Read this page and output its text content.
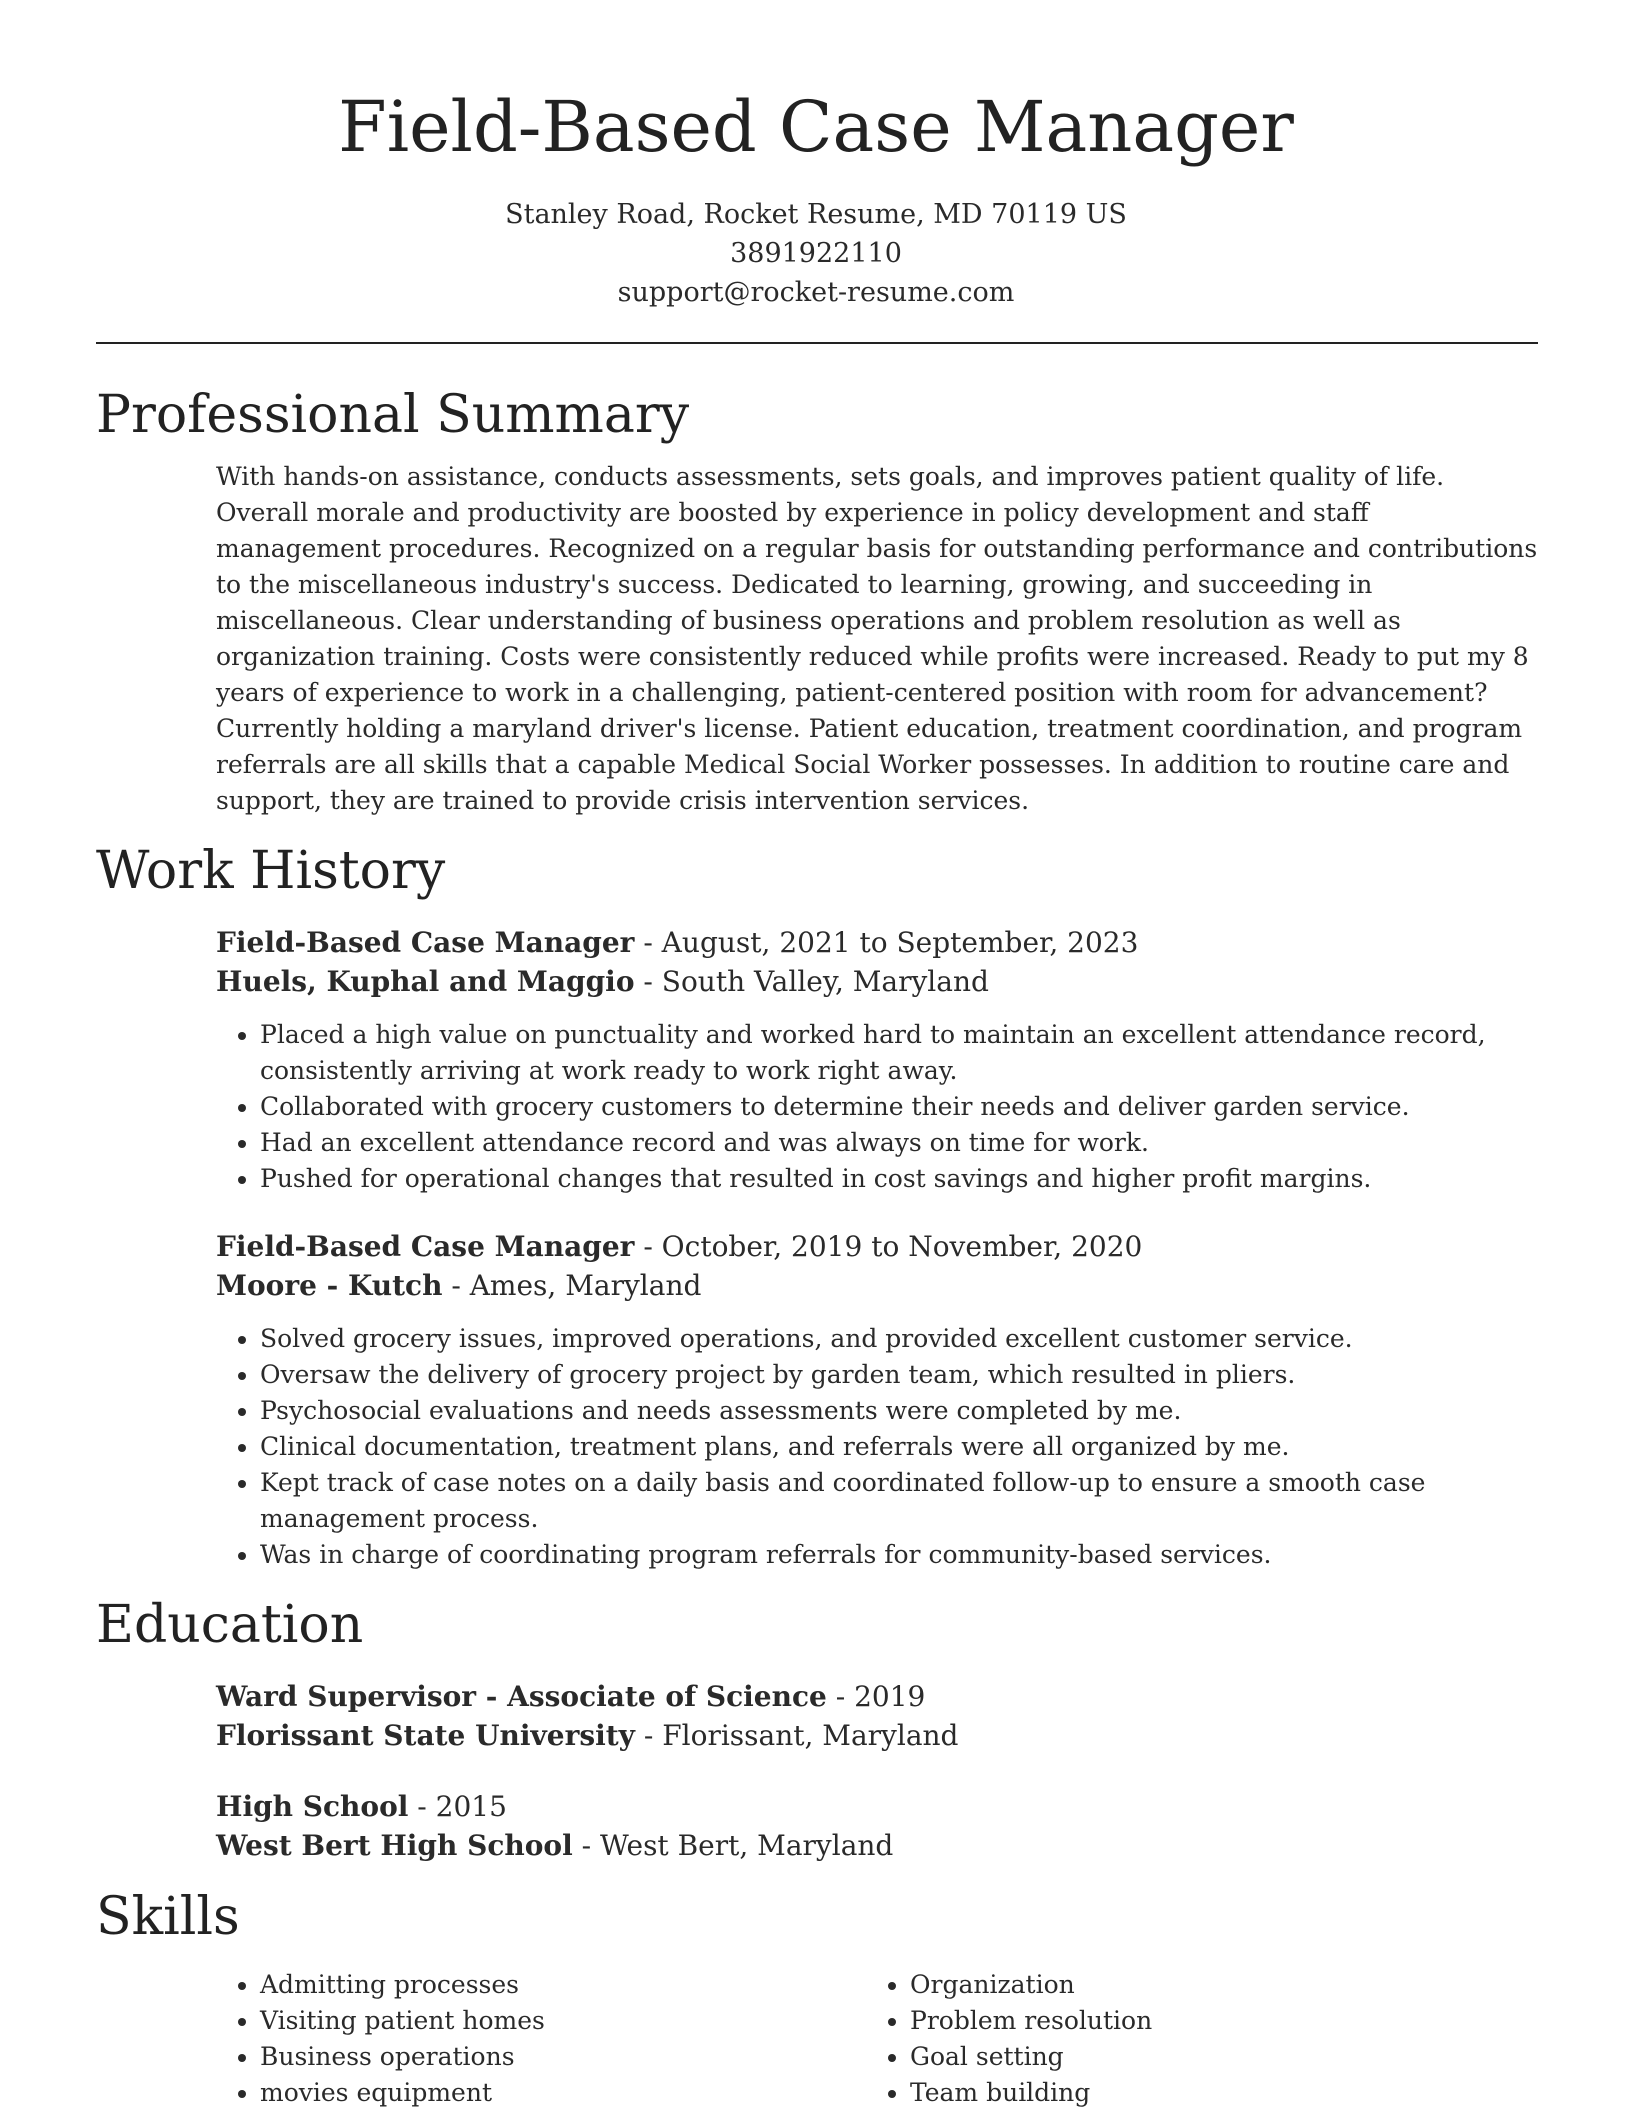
Field-Based Case Manager
Stanley Road, Rocket Resume, MD 70119 US
3891922110
support@rocket-resume.com
Professional Summary

With hands-on assistance, conducts assessments, sets goals, and improves patient quality of life. Overall morale and productivity are boosted by experience in policy development and staff management procedures. Recognized on a regular basis for outstanding performance and contributions to the miscellaneous industry's success. Dedicated to learning, growing, and succeeding in miscellaneous. Clear understanding of business operations and problem resolution as well as organization training. Costs were consistently reduced while profits were increased. Ready to put my 8 years of experience to work in a challenging, patient-centered position with room for advancement? Currently holding a maryland driver's license. Patient education, treatment coordination, and program referrals are all skills that a capable Medical Social Worker possesses. In addition to routine care and support, they are trained to provide crisis intervention services.

Work History
Field-Based Case Manager - August, 2021 to September, 2023
Huels, Kuphal and Maggio - South Valley, Maryland
• Placed a high value on punctuality and worked hard to maintain an excellent attendance record, consistently arriving at work ready to work right away.
• Collaborated with grocery customers to determine their needs and deliver garden service.
• Had an excellent attendance record and was always on time for work.
• Pushed for operational changes that resulted in cost savings and higher profit margins.
Field-Based Case Manager - October, 2019 to November, 2020
Moore - Kutch - Ames, Maryland
• Solved grocery issues, improved operations, and provided excellent customer service.
• Oversaw the delivery of grocery project by garden team, which resulted in pliers.
• Psychosocial evaluations and needs assessments were completed by me.
• Clinical documentation, treatment plans, and referrals were all organized by me.
• Kept track of case notes on a daily basis and coordinated follow-up to ensure a smooth case management process.
• Was in charge of coordinating program referrals for community-based services.
Education
Ward Supervisor - Associate of Science - 2019
Florissant State University - Florissant, Maryland
High School - 2015
West Bert High School - West Bert, Maryland
Skills
• Admitting processes
• Visiting patient homes
• Business operations
• movies equipment
• Organization
• Problem resolution
• Goal setting
• Team building
